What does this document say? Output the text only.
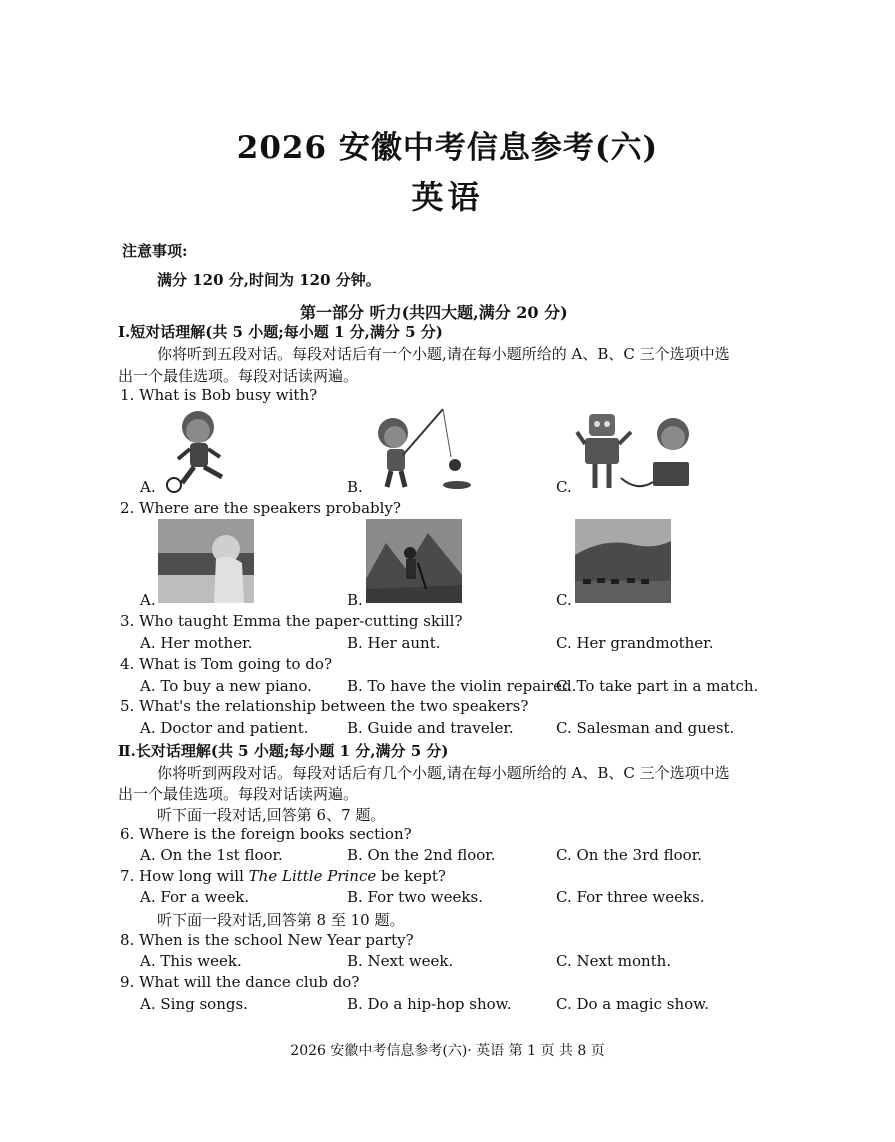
2026 安徽中考信息参考(六)
英语
注意事项:
满分 120 分,时间为 120 分钟。
第一部分 听力(共四大题,满分 20 分)
Ⅰ.短对话理解(共 5 小题;每小题 1 分,满分 5 分)
你将听到五段对话。每段对话后有一个小题,请在每小题所给的 A、B、C 三个选项中选
出一个最佳选项。每段对话读两遍。
1. What is Bob busy with?
A.	B.	C.
2. Where are the speakers probably?
A.	B.	C.
3. Who taught Emma the paper-cutting skill?
A. Her mother.	B. Her aunt.	C. Her grandmother.
4. What is Tom going to do?
A. To buy a new piano. B. To have the violin repaired.
C. To take part in a match.
5. What's the relationship between the two speakers?
A. Doctor and patient.	B. Guide and traveler.	C. Salesman and guest.
Ⅱ.长对话理解(共 5 小题;每小题 1 分,满分 5 分)
你将听到两段对话。每段对话后有几个小题,请在每小题所给的 A、B、C 三个选项中选
出一个最佳选项。每段对话读两遍。
听下面一段对话,回答第 6、7 题。
6. Where is the foreign books section?
A. On the 1st floor.	B. On the 2nd floor.	C. On the 3rd floor.
7. How long will The Little Prince be kept?
A. For a week.	B. For two weeks.	C. For three weeks.
听下面一段对话,回答第 8 至 10 题。
8. When is the school New Year party?
A. This week.	B. Next week.	C. Next month.
9. What will the dance club do?
A. Sing songs.	B. Do a hip-hop show.	C. Do a magic show.
2026 安徽中考信息参考(六)· 英语 第 1 页 共 8 页
